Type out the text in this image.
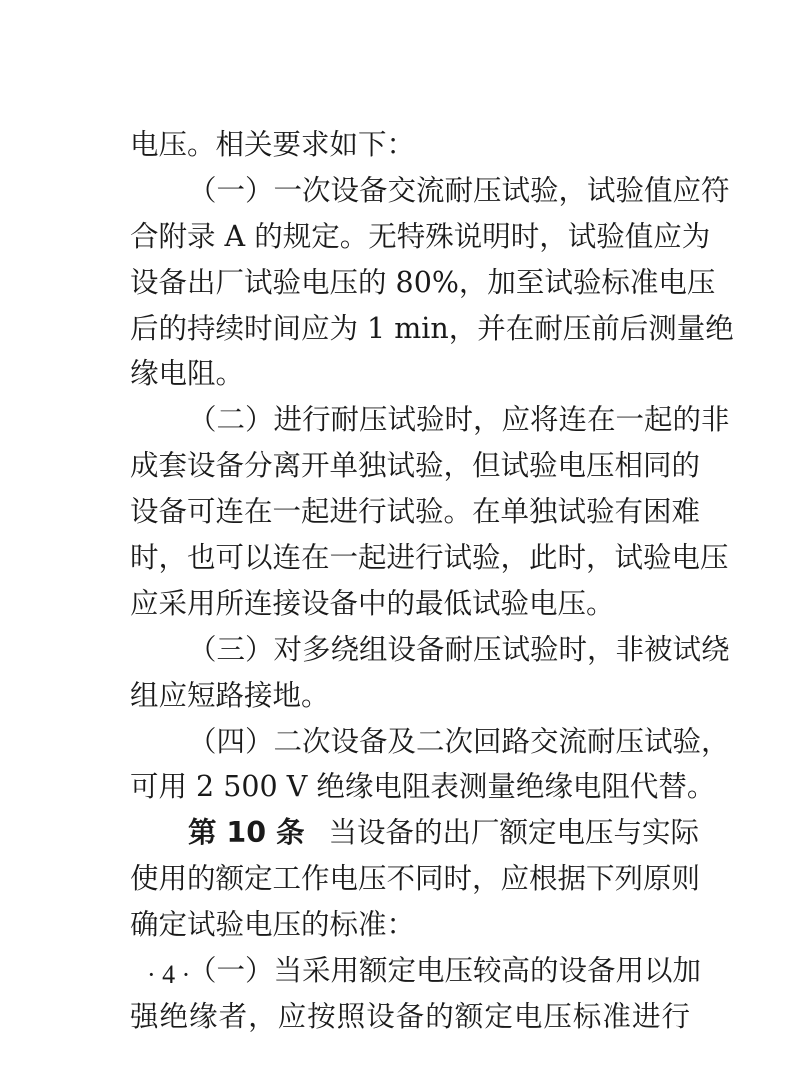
电压。相关要求如下：
（一）一次设备交流耐压试验，试验值应符
合附录 A 的规定。无特殊说明时，试验值应为
设备出厂试验电压的 80%，加至试验标准电压
后的持续时间应为 1 min，并在耐压前后测量绝
缘电阻。
（二）进行耐压试验时，应将连在一起的非
成套设备分离开单独试验，但试验电压相同的
设备可连在一起进行试验。在单独试验有困难
时，也可以连在一起进行试验，此时，试验电压
应采用所连接设备中的最低试验电压。
（三）对多绕组设备耐压试验时，非被试绕
组应短路接地。
（四）二次设备及二次回路交流耐压试验，
可用 2 500 V 绝缘电阻表测量绝缘电阻代替。
第 10 条 当设备的出厂额定电压与实际
使用的额定工作电压不同时，应根据下列原则
确定试验电压的标准：
（一）当采用额定电压较高的设备用以加
强绝缘者，应按照设备的额定电压标准进行
· 4 ·
